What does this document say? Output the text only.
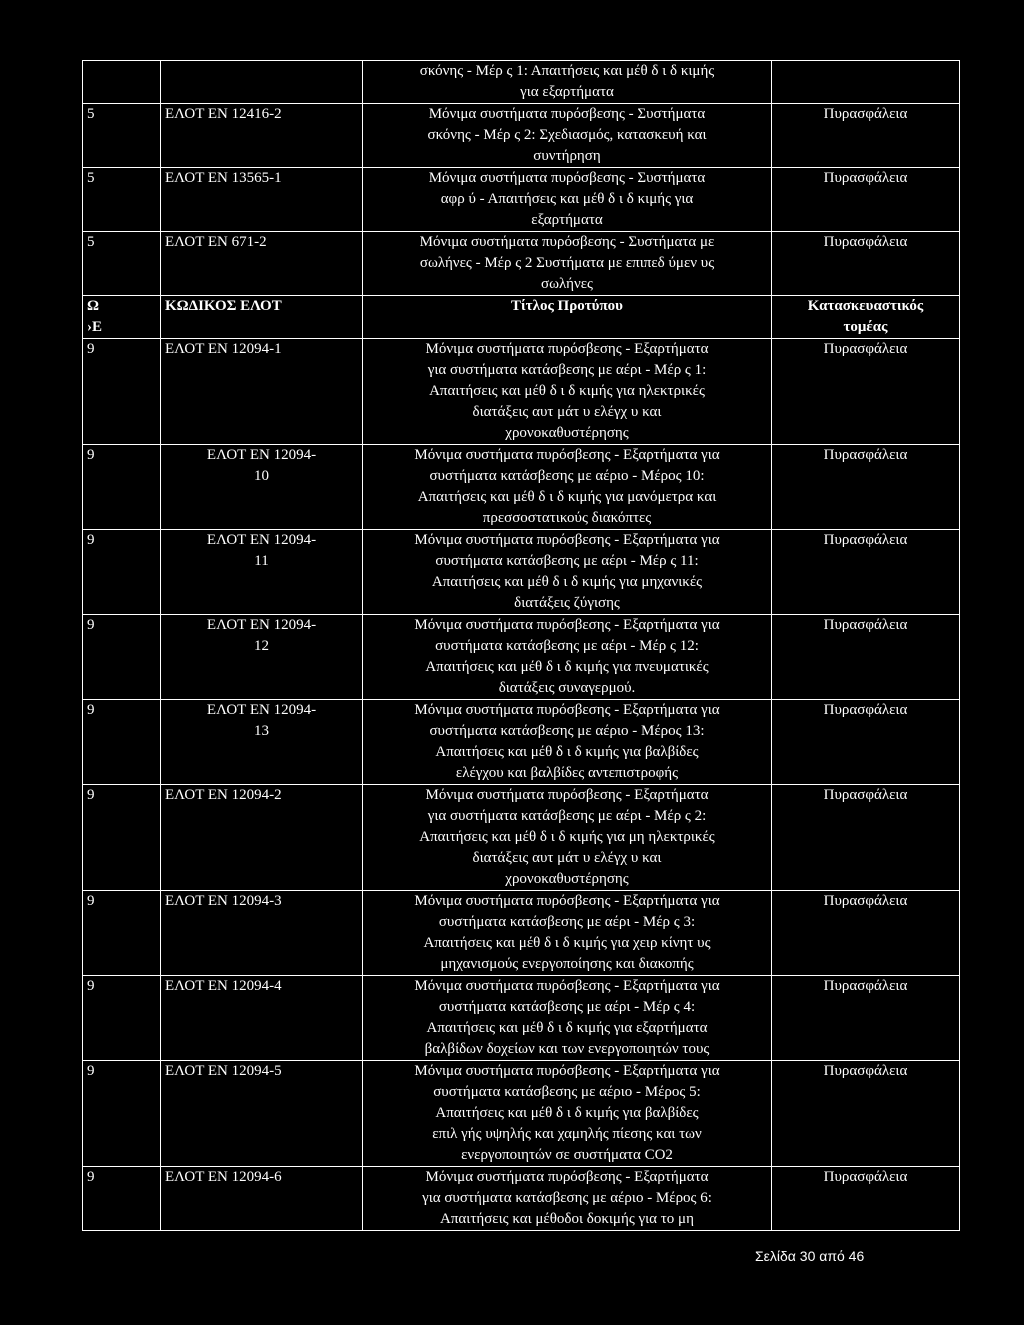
		σκόνης - Μέρ ς 1: Απαιτήσεις και μέθ δ ι δ κιμής
για εξαρτήματα	

5	ΕΛΟΤ ΕΝ 12416-2	Μόνιμα συστήματα πυρόσβεσης - Συστήματα
σκόνης - Μέρ ς 2: Σχεδιασμός, κατασκευή και
συντήρηση	Πυρασφάλεια
5	ΕΛΟΤ ΕΝ 13565-1	Μόνιμα συστήματα πυρόσβεσης - Συστήματα
αφρ ύ - Απαιτήσεις και μέθ δ ι δ κιμής για
εξαρτήματα	Πυρασφάλεια
5	ΕΛΟΤ ΕΝ 671-2	Μόνιμα συστήματα πυρόσβεσης - Συστήματα με
σωλήνες - Μέρ ς 2 Συστήματα με επιπεδ ύμεν υς
σωλήνες	Πυρασφάλεια

Ω
›Ε	ΚΩΔΙΚΟΣ ΕΛΟΤ	Τίτλος Προτύπου	Κατασκευαστικός
τομέας

9	ΕΛΟΤ ΕΝ 12094-1	Μόνιμα συστήματα πυρόσβεσης - Εξαρτήματα
για συστήματα κατάσβεσης με αέρι - Μέρ ς 1:
Απαιτήσεις και μέθ δ ι δ κιμής για ηλεκτρικές
διατάξεις αυτ μάτ υ ελέγχ υ και
χρονοκαθυστέρησης	Πυρασφάλεια
9	ΕΛΟΤ ΕΝ 12094-
10	Μόνιμα συστήματα πυρόσβεσης - Εξαρτήματα για
συστήματα κατάσβεσης με αέριο - Μέρος 10:
Απαιτήσεις και μέθ δ ι δ κιμής για μανόμετρα και
πρεσσοστατικούς διακόπτες	Πυρασφάλεια
9	ΕΛΟΤ ΕΝ 12094-
11	Μόνιμα συστήματα πυρόσβεσης - Εξαρτήματα για
συστήματα κατάσβεσης με αέρι - Μέρ ς 11:
Απαιτήσεις και μέθ δ ι δ κιμής για μηχανικές
διατάξεις ζύγισης	Πυρασφάλεια
9	ΕΛΟΤ ΕΝ 12094-
12	Μόνιμα συστήματα πυρόσβεσης - Εξαρτήματα για
συστήματα κατάσβεσης με αέρι - Μέρ ς 12:
Απαιτήσεις και μέθ δ ι δ κιμής για πνευματικές
διατάξεις συναγερμού.	Πυρασφάλεια
9	ΕΛΟΤ ΕΝ 12094-
13	Μόνιμα συστήματα πυρόσβεσης - Εξαρτήματα για
συστήματα κατάσβεσης με αέριο - Μέρος 13:
Απαιτήσεις και μέθ δ ι δ κιμής για βαλβίδες
ελέγχου και βαλβίδες αντεπιστροφής	Πυρασφάλεια
9	ΕΛΟΤ ΕΝ 12094-2	Μόνιμα συστήματα πυρόσβεσης - Εξαρτήματα
για συστήματα κατάσβεσης με αέρι - Μέρ ς 2:
Απαιτήσεις και μέθ δ ι δ κιμής για μη ηλεκτρικές
διατάξεις αυτ μάτ υ ελέγχ υ και
χρονοκαθυστέρησης	Πυρασφάλεια
9	ΕΛΟΤ ΕΝ 12094-3	Μόνιμα συστήματα πυρόσβεσης - Εξαρτήματα για
συστήματα κατάσβεσης με αέρι - Μέρ ς 3:
Απαιτήσεις και μέθ δ ι δ κιμής για χειρ κίνητ υς
μηχανισμούς ενεργοποίησης και διακοπής	Πυρασφάλεια
9	ΕΛΟΤ ΕΝ 12094-4	Μόνιμα συστήματα πυρόσβεσης - Εξαρτήματα για
συστήματα κατάσβεσης με αέρι - Μέρ ς 4:
Απαιτήσεις και μέθ δ ι δ κιμής για εξαρτήματα
βαλβίδων δοχείων και των ενεργοποιητών τους	Πυρασφάλεια
9	ΕΛΟΤ ΕΝ 12094-5	Μόνιμα συστήματα πυρόσβεσης - Εξαρτήματα για
συστήματα κατάσβεσης με αέριο - Μέρος 5:
Απαιτήσεις και μέθ δ ι δ κιμής για βαλβίδες
επιλ γής υψηλής και χαμηλής πίεσης και των
ενεργοποιητών σε συστήματα CO2	Πυρασφάλεια
9	ΕΛΟΤ ΕΝ 12094-6	Μόνιμα συστήματα πυρόσβεσης - Εξαρτήματα
για συστήματα κατάσβεσης με αέριο - Μέρος 6:
Απαιτήσεις και μέθοδοι δοκιμής για το μη	Πυρασφάλεια
Σελίδα 30 από 46
